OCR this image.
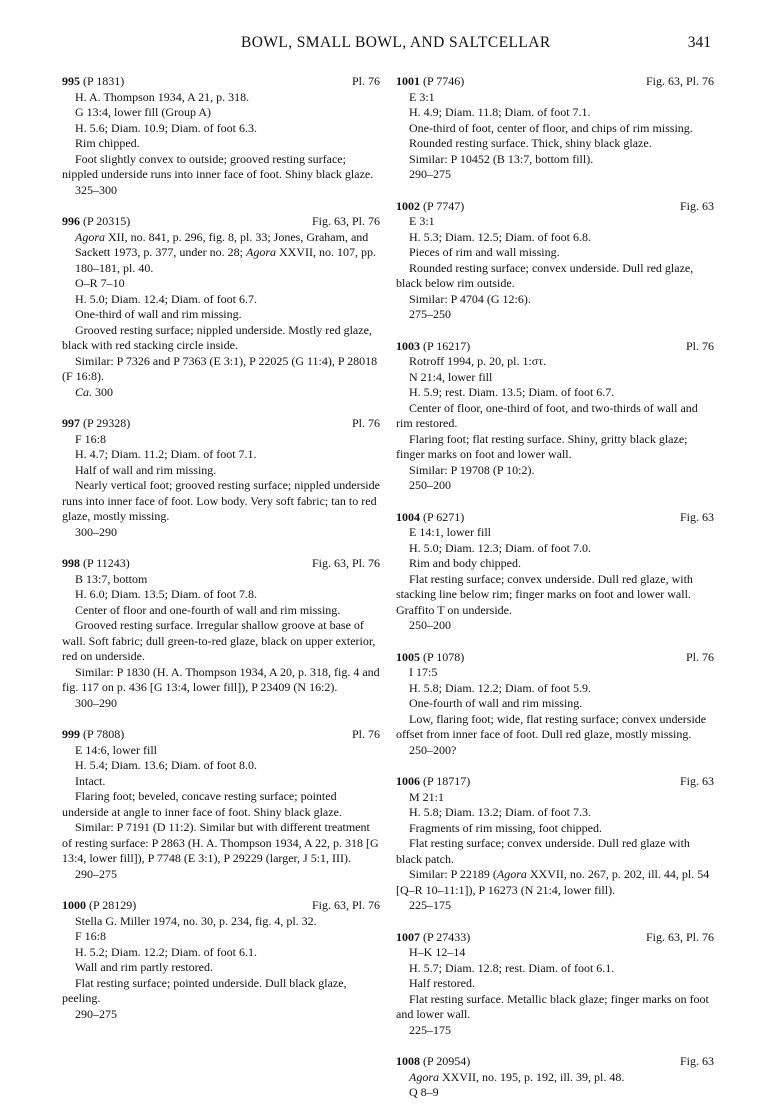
BOWL, SMALL BOWL, AND SALTCELLAR	341
995 (P 1831)	Pl. 76
H. A. Thompson 1934, A 21, p. 318.
G 13:4, lower fill (Group A)
H. 5.6; Diam. 10.9; Diam. of foot 6.3.
Rim chipped.
Foot slightly convex to outside; grooved resting surface; nippled underside runs into inner face of foot. Shiny black glaze.
325–300
996 (P 20315)	Fig. 63, Pl. 76
Agora XII, no. 841, p. 296, fig. 8, pl. 33; Jones, Graham, and Sackett 1973, p. 377, under no. 28; Agora XXVII, no. 107, pp. 180–181, pl. 40.
O–R 7–10
H. 5.0; Diam. 12.4; Diam. of foot 6.7.
One-third of wall and rim missing.
Grooved resting surface; nippled underside. Mostly red glaze, black with red stacking circle inside.
Similar: P 7326 and P 7363 (E 3:1), P 22025 (G 11:4), P 28018 (F 16:8).
Ca. 300
997 (P 29328)	Pl. 76
F 16:8
H. 4.7; Diam. 11.2; Diam. of foot 7.1.
Half of wall and rim missing.
Nearly vertical foot; grooved resting surface; nippled underside runs into inner face of foot. Low body. Very soft fabric; tan to red glaze, mostly missing.
300–290
998 (P 11243)	Fig. 63, Pl. 76
B 13:7, bottom
H. 6.0; Diam. 13.5; Diam. of foot 7.8.
Center of floor and one-fourth of wall and rim missing.
Grooved resting surface. Irregular shallow groove at base of wall. Soft fabric; dull green-to-red glaze, black on upper exterior, red on underside.
Similar: P 1830 (H. A. Thompson 1934, A 20, p. 318, fig. 4 and fig. 117 on p. 436 [G 13:4, lower fill]), P 23409 (N 16:2).
300–290
999 (P 7808)	Pl. 76
E 14:6, lower fill
H. 5.4; Diam. 13.6; Diam. of foot 8.0.
Intact.
Flaring foot; beveled, concave resting surface; pointed underside at angle to inner face of foot. Shiny black glaze.
Similar: P 7191 (D 11:2). Similar but with different treatment of resting surface: P 2863 (H. A. Thompson 1934, A 22, p. 318 [G 13:4, lower fill]), P 7748 (E 3:1), P 29229 (larger, J 5:1, III).
290–275
1000 (P 28129)	Fig. 63, Pl. 76
Stella G. Miller 1974, no. 30, p. 234, fig. 4, pl. 32.
F 16:8
H. 5.2; Diam. 12.2; Diam. of foot 6.1.
Wall and rim partly restored.
Flat resting surface; pointed underside. Dull black glaze, peeling.
290–275
1001 (P 7746)	Fig. 63, Pl. 76
E 3:1
H. 4.9; Diam. 11.8; Diam. of foot 7.1.
One-third of foot, center of floor, and chips of rim missing.
Rounded resting surface. Thick, shiny black glaze.
Similar: P 10452 (B 13:7, bottom fill).
290–275
1002 (P 7747)	Fig. 63
E 3:1
H. 5.3; Diam. 12.5; Diam. of foot 6.8.
Pieces of rim and wall missing.
Rounded resting surface; convex underside. Dull red glaze, black below rim outside.
Similar: P 4704 (G 12:6).
275–250
1003 (P 16217)	Pl. 76
Rotroff 1994, p. 20, pl. 1:στ.
N 21:4, lower fill
H. 5.9; rest. Diam. 13.5; Diam. of foot 6.7.
Center of floor, one-third of foot, and two-thirds of wall and rim restored.
Flaring foot; flat resting surface. Shiny, gritty black glaze; finger marks on foot and lower wall.
Similar: P 19708 (P 10:2).
250–200
1004 (P 6271)	Fig. 63
E 14:1, lower fill
H. 5.0; Diam. 12.3; Diam. of foot 7.0.
Rim and body chipped.
Flat resting surface; convex underside. Dull red glaze, with stacking line below rim; finger marks on foot and lower wall. Graffito T on underside.
250–200
1005 (P 1078)	Pl. 76
I 17:5
H. 5.8; Diam. 12.2; Diam. of foot 5.9.
One-fourth of wall and rim missing.
Low, flaring foot; wide, flat resting surface; convex underside offset from inner face of foot. Dull red glaze, mostly missing.
250–200?
1006 (P 18717)	Fig. 63
M 21:1
H. 5.8; Diam. 13.2; Diam. of foot 7.3.
Fragments of rim missing, foot chipped.
Flat resting surface; convex underside. Dull red glaze with black patch.
Similar: P 22189 (Agora XXVII, no. 267, p. 202, ill. 44, pl. 54 [Q–R 10–11:1]), P 16273 (N 21:4, lower fill).
225–175
1007 (P 27433)	Fig. 63, Pl. 76
H–K 12–14
H. 5.7; Diam. 12.8; rest. Diam. of foot 6.1.
Half restored.
Flat resting surface. Metallic black glaze; finger marks on foot and lower wall.
225–175
1008 (P 20954)	Fig. 63
Agora XXVII, no. 195, p. 192, ill. 39, pl. 48.
Q 8–9
